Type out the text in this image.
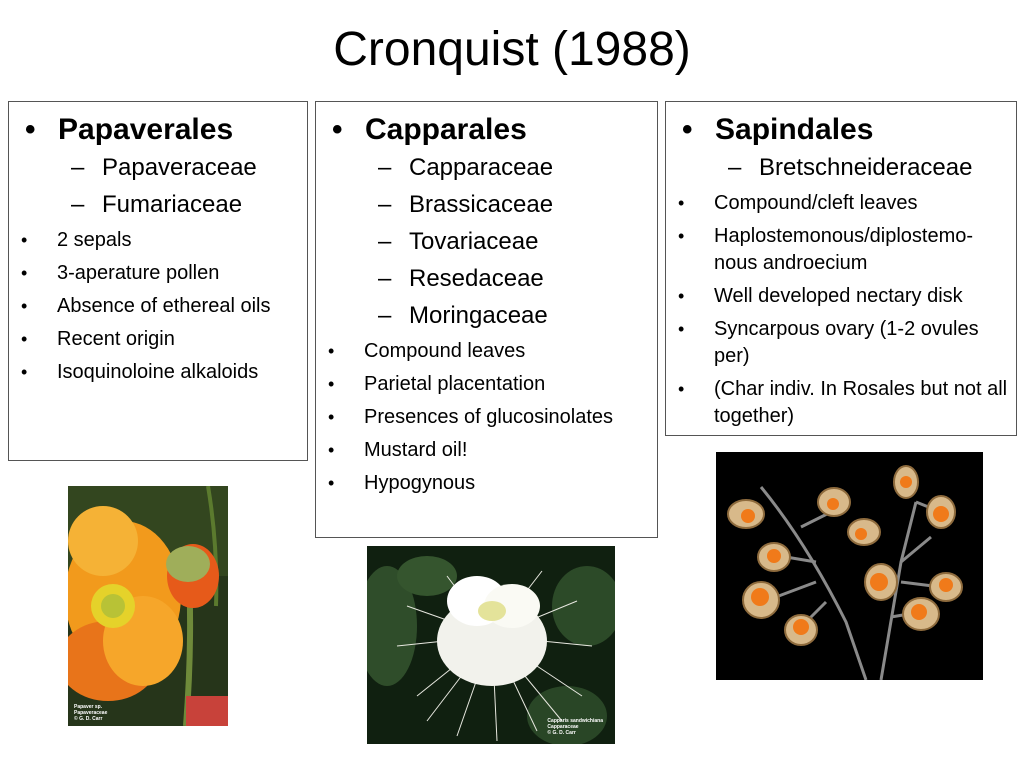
Cronquist (1988)
• Papaverales
– Papaveraceae
– Fumariaceae
• 2 sepals
• 3-aperature pollen
• Absence of ethereal oils
• Recent origin
• Isoquinoloine alkaloids
• Capparales
– Capparaceae
– Brassicaceae
– Tovariaceae
– Resedaceae
– Moringaceae
• Compound leaves
• Parietal placentation
• Presences of glucosinolates
• Mustard oil!
• Hypogynous
• Sapindales
– Bretschneideraceae
• Compound/cleft leaves
• Haplostemonous/diplostemo-nous androecium
• Well developed nectary disk
• Syncarpous ovary (1-2 ovules per)
• (Char indiv. In Rosales but not all together)
Papaver sp.
Papaveraceae
© G. D. Carr	Capparis sandwichiana
Capparaceae
© G. D. Carr
